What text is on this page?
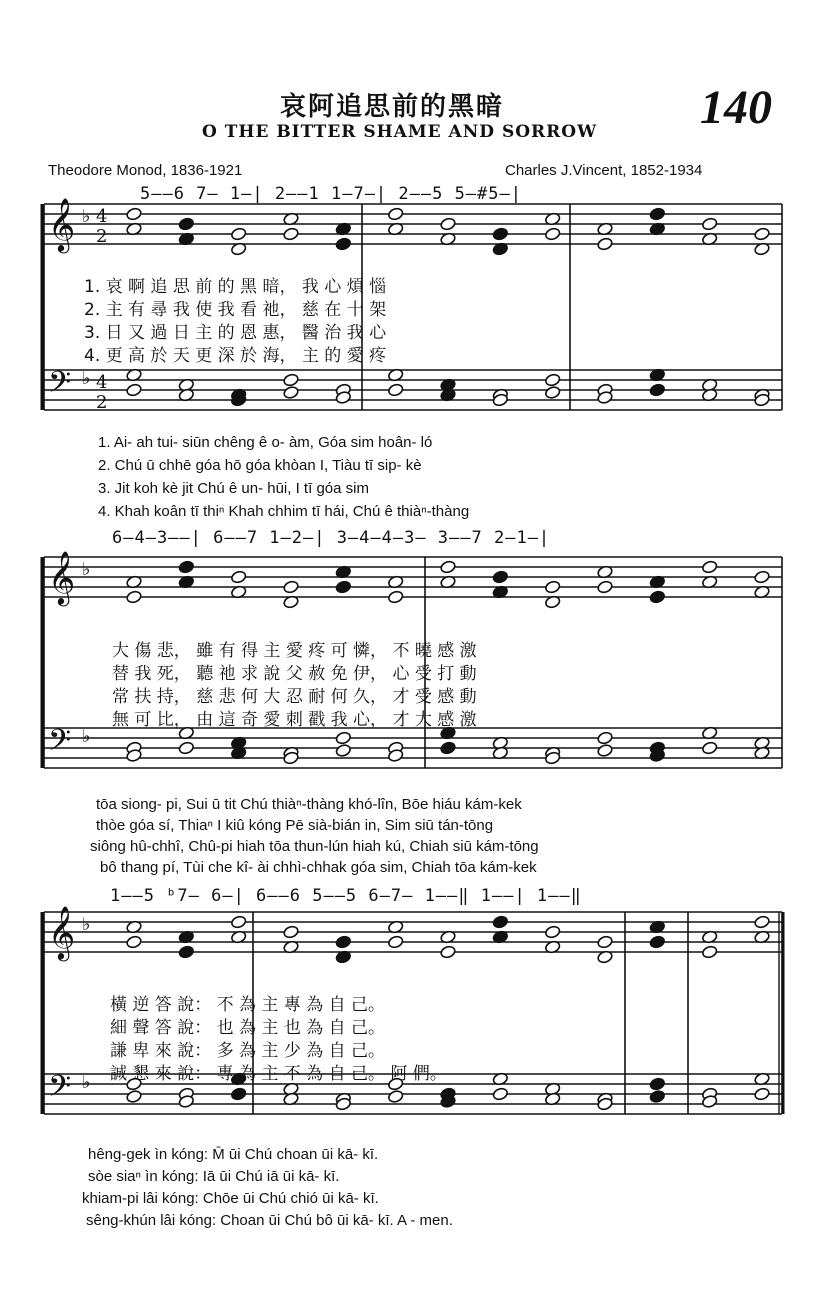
哀阿追思前的黑暗
O THE BITTER SHAME AND SORROW 140
Theodore Monod, 1836-1921	Charles J.Vincent, 1852-1934
𝄞
𝄢
♭
♭
4
2
4
2
𝄞
𝄢
♭
♭
𝄞
𝄢
♭
♭
5——6 7— 1—| 2——1 1—7—| 2——5 5—#5—|
1. 哀 啊 追 思 前 的 黑 暗， 我 心 煩 惱
2. 主 有 尋 我 使 我 看 祂， 慈 在 十 架
3. 日 又 過 日 主 的 恩 惠， 醫 治 我 心
4. 更 高 於 天 更 深 於 海， 主 的 愛 疼
1. Ai- ah tui- siūn chêng ê o- àm, Góa sim hoân- ló
2. Chú ū chhē góa hō góa khòan I, Tiàu tī sip- kè
3. Jit koh kè jit Chú ê un- hūi, I tī góa sim
4. Khah koân tī thiⁿ Khah chhim tī hái, Chú ê thiàⁿ-thàng
6—4—3——| 6——7 1—2—| 3—4—4—3— 3——7 2—1—|
大 傷 悲， 雖 有 得 主 愛 疼 可 憐， 不 曉 感 激
替 我 死， 聽 祂 求 說 父 赦 免 伊， 心 受 打 動
常 扶 持， 慈 悲 何 大 忍 耐 何 久， 才 受 感 動
無 可 比， 由 這 奇 愛 刺 戳 我 心， 才 大 感 激
tōa siong- pi, Sui ū tit Chú thiàⁿ-thàng khó-lîn, Bōe hiáu kám-kek
thòe góa sí, Thiaⁿ I kiû kóng Pē sià-bián in, Sim siū tán-tōng
siông hû-chhî, Chû-pi hiah tōa thun-lún hiah kú, Chiah siū kám-tōng
bô thang pí, Tùi che kî- ài chhì-chhak góa sim, Chiah tōa kám-kek
1——5 ᵇ7— 6—| 6——6 5——5 6—7— 1——‖ 1——| 1——‖
橫 逆 答 說： 不 為 主 專 為 自 己。
細 聲 答 說： 也 為 主 也 為 自 己。
謙 卑 來 說： 多 為 主 少 為 自 己。
誠 懇 來 說： 專 為 主 不 為 自 己。 阿 們。
hêng-gek ìn kóng: M̄ ūi Chú choan ūi kā- kī.
sòe siaⁿ ìn kóng: Iā ūi Chú iā ūi kā- kī.
khiam-pi lâi kóng: Chōe ūi Chú chió ūi kā- kī.
sêng-khún lâi kóng: Choan ūi Chú bô ūi kā- kī. A - men.
